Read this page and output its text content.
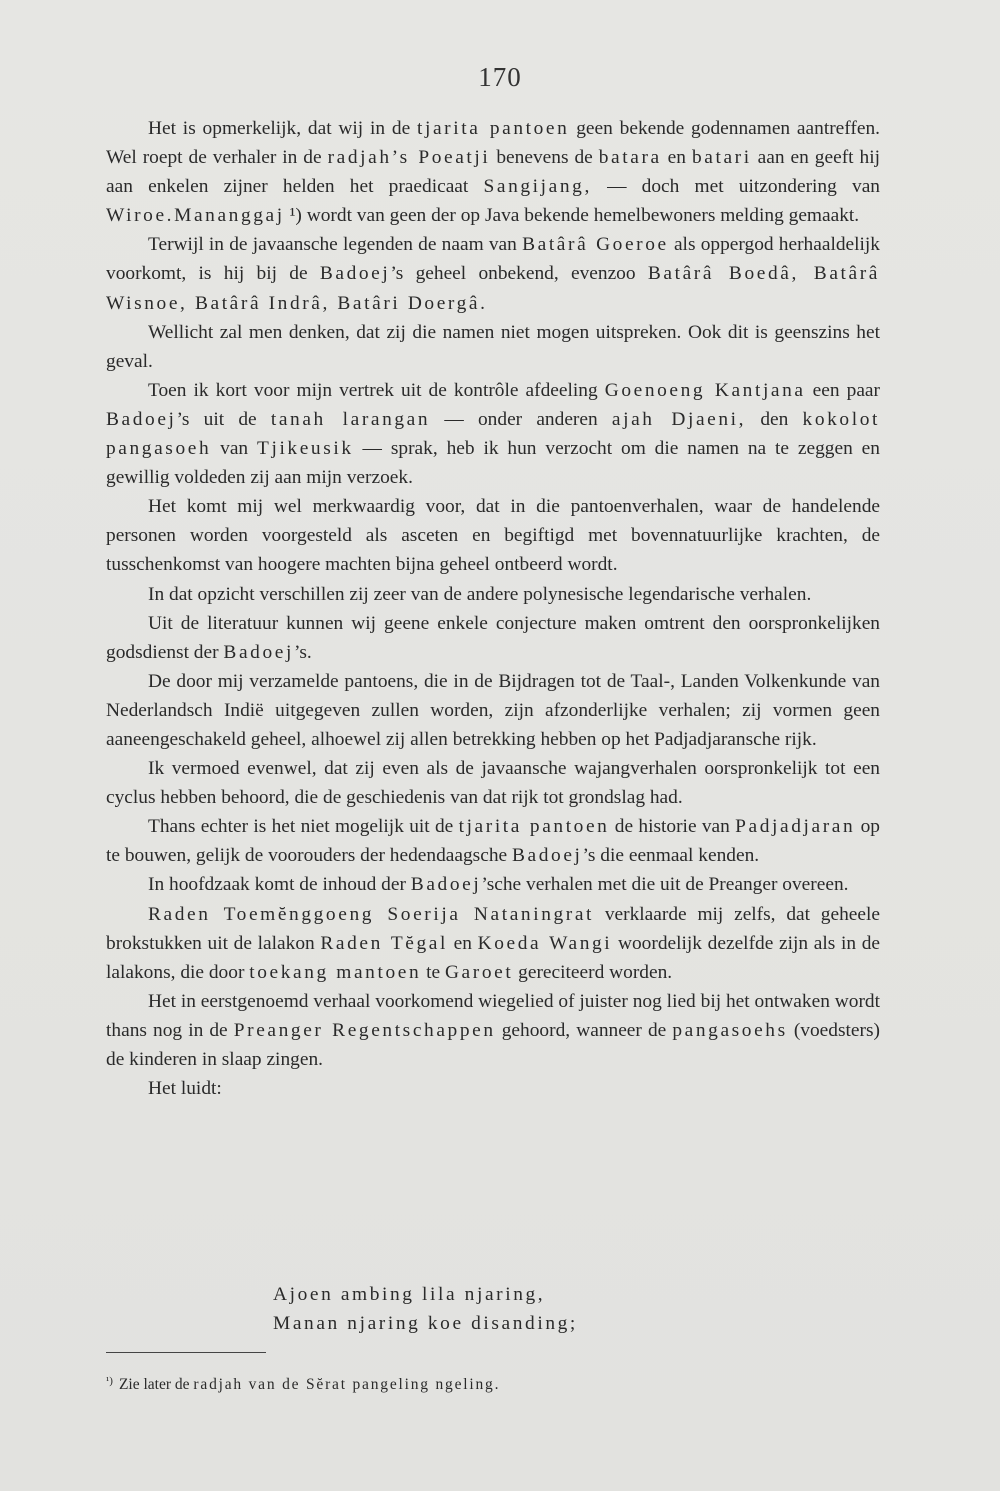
170

Het is opmerkelijk, dat wij in de tjarita pantoen geen bekende godennamen aantreffen. Wel roept de verhaler in de radjah’s Poeatji benevens de batara en batari aan en geeft hij aan enkelen zijner helden het praedicaat Sangijang, — doch met uitzondering van Wiroe.Mananggaj ¹) wordt van geen der op Java bekende hemelbewoners melding gemaakt.

Terwijl in de javaansche legenden de naam van Batârâ Goeroe als oppergod herhaaldelijk voorkomt, is hij bij de Badoej’s geheel onbekend, evenzoo Batârâ Boedâ, Batârâ Wisnoe, Batârâ Indrâ, Batâri Doergâ.

Wellicht zal men denken, dat zij die namen niet mogen uitspreken. Ook dit is geenszins het geval.

Toen ik kort voor mijn vertrek uit de kontrôle afdeeling Goenoeng Kantjana een paar Badoej’s uit de tanah larangan — onder anderen ajah Djaeni, den kokolot pangasoeh van Tjikeusik — sprak, heb ik hun verzocht om die namen na te zeggen en gewillig voldeden zij aan mijn verzoek.

Het komt mij wel merkwaardig voor, dat in die pantoenverhalen, waar de handelende personen worden voorgesteld als asceten en begiftigd met bovennatuurlijke krachten, de tusschenkomst van hoogere machten bijna geheel ontbeerd wordt.

In dat opzicht verschillen zij zeer van de andere polynesische legendarische verhalen.

Uit de literatuur kunnen wij geene enkele conjecture maken omtrent den oorspronkelijken godsdienst der Badoej’s.

De door mij verzamelde pantoens, die in de Bijdragen tot de Taal-, Landen Volkenkunde van Nederlandsch Indië uitgegeven zullen worden, zijn afzonderlijke verhalen; zij vormen geen aaneengeschakeld geheel, alhoewel zij allen betrekking hebben op het Padjadjaransche rijk.

Ik vermoed evenwel, dat zij even als de javaansche wajangverhalen oorspronkelijk tot een cyclus hebben behoord, die de geschiedenis van dat rijk tot grondslag had.

Thans echter is het niet mogelijk uit de tjarita pantoen de historie van Padjadjaran op te bouwen, gelijk de voorouders der hedendaagsche Badoej’s die eenmaal kenden.

In hoofdzaak komt de inhoud der Badoej’sche verhalen met die uit de Preanger overeen.

Raden Toemĕnggoeng Soerija Nataningrat verklaarde mij zelfs, dat geheele brokstukken uit de lalakon Raden Tĕgal en Koeda Wangi woordelijk dezelfde zijn als in de lalakons, die door toekang mantoen te Garoet gereciteerd worden.

Het in eerstgenoemd verhaal voorkomend wiegelied of juister nog lied bij het ontwaken wordt thans nog in de Preanger Regentschappen gehoord, wanneer de pangasoehs (voedsters) de kinderen in slaap zingen.

Het luidt:

Ajoen ambing lila njaring,
Manan njaring koe disanding;
$^{^1)}$ Zie later de radjah van de Sĕrat pangeling ngeling.
